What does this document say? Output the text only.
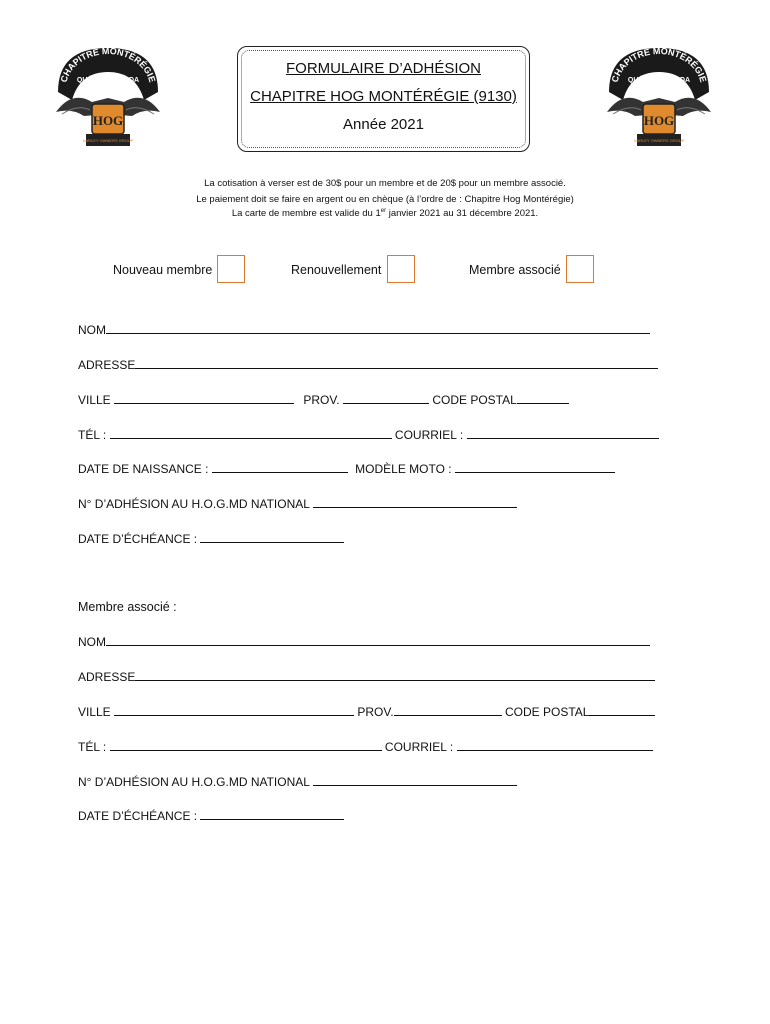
CHAPITRE MONTÉRÉGIE
QUÉBEC CANADA
HOG
HARLEY OWNERS GROUP
CHAPITRE MONTÉRÉGIE
QUÉBEC CANADA
HOG
HARLEY OWNERS GROUP
FORMULAIRE D’ADHÉSION
CHAPITRE HOG MONTÉRÉGIE (9130)
Année 2021
La cotisation à verser est de 30$ pour un membre et de 20$ pour un membre associé.
Le paiement doit se faire en argent ou en chèque (à l’ordre de : Chapitre Hog Montérégie)
La carte de membre est valide du 1er janvier 2021 au 31 décembre 2021.
Nouveau membre	Renouvellement	Membre associé
NOM
ADRESSE
VILLE	PROV.	CODE POSTAL
TÉL :	COURRIEL :
DATE DE NAISSANCE :	MODÈLE MOTO :
N° D’ADHÉSION AU H.O.G.MD NATIONAL
DATE D’ÉCHÉANCE :
Membre associé :
NOM
ADRESSE
VILLE	PROV.	CODE POSTAL
TÉL :	COURRIEL :
N° D’ADHÉSION AU H.O.G.MD NATIONAL
DATE D’ÉCHÉANCE :
